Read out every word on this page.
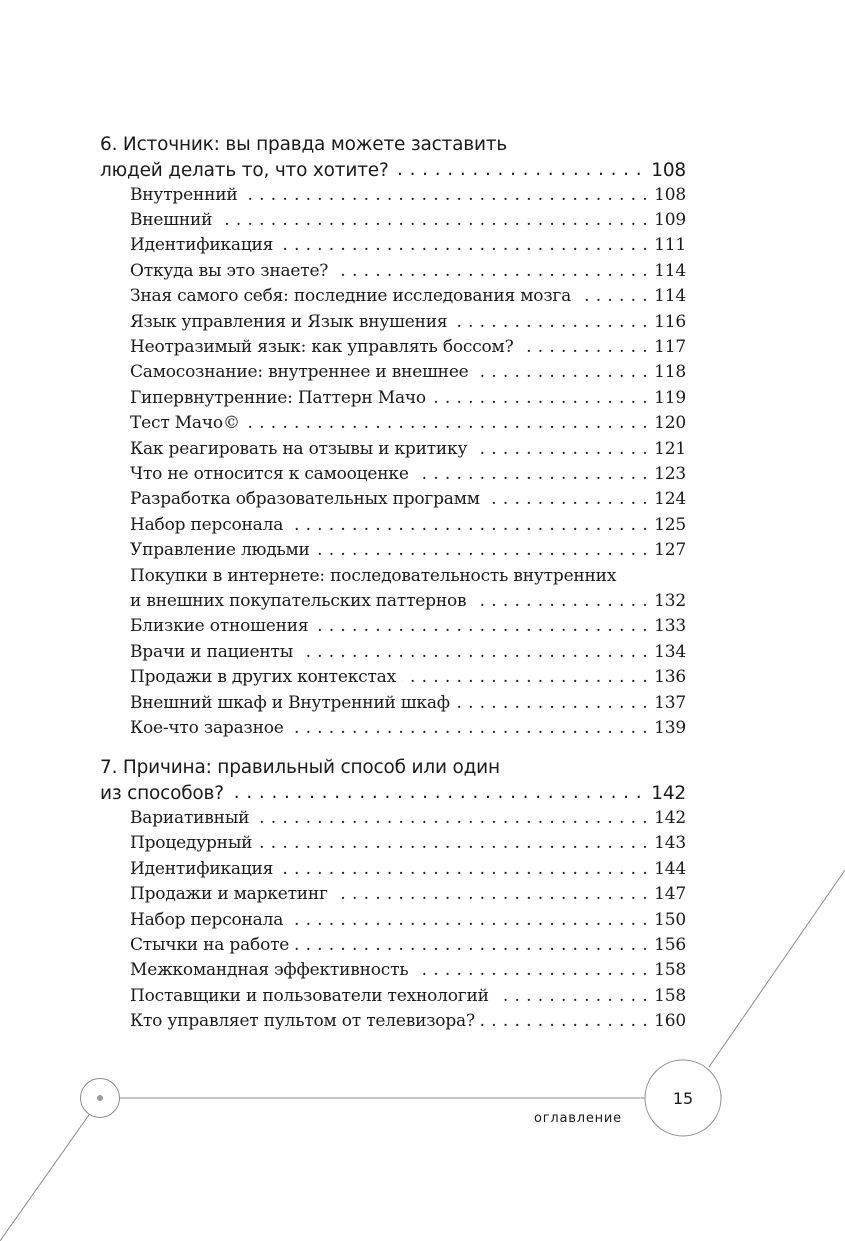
6. Источник: вы правда можете заставить
людей делать то, что хотите? . . .	108
Внутренний . . .	108
Внешний . . .	109
Идентификация . . .	111
Откуда вы это знаете? . . .	114
Зная самого себя: последние исследования мозга . . .	114
Язык управления и Язык внушения . . .	116
Неотразимый язык: как управлять боссом? . . .	117
Самосознание: внутреннее и внешнее . . .	118
Гипервнутренние: Паттерн Мачо . . .	119
Тест Мачо© . . .	120
Как реагировать на отзывы и критику . . .	121
Что не относится к самооценке . . .	123
Разработка образовательных программ . . .	124
Набор персонала . . .	125
Управление людьми . . .	127
Покупки в интернете: последовательность внутренних
и внешних покупательских паттернов . . .	132
Близкие отношения . . .	133
Врачи и пациенты . . .	134
Продажи в других контекстах . . .	136
Внешний шкаф и Внутренний шкаф . . .	137
Кое-что заразное . . .	139
7. Причина: правильный способ или один
из способов? . . .	142
Вариативный . . .	142
Процедурный . . .	143
Идентификация . . .	144
Продажи и маркетинг . . .	147
Набор персонала . . .	150
Стычки на работе . . .	156
Межкомандная эффективность . . .	158
Поставщики и пользователи технологий . . .	158
Кто управляет пультом от телевизора? . . .	160
15
оглавление
